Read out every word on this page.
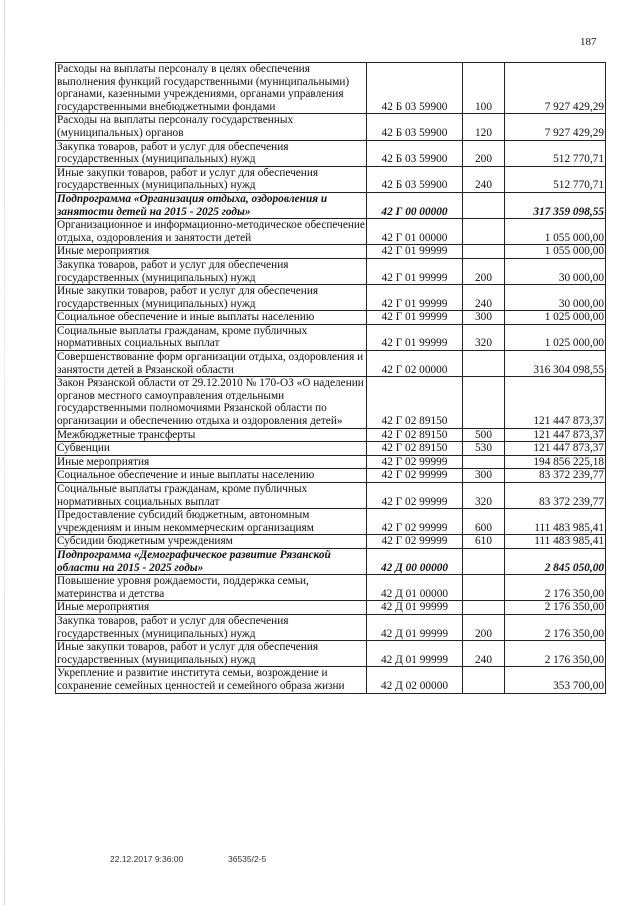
187
Расходы на выплаты персоналу в целях обеспечения выполнения функций государственными (муниципальными) органами, казенными учреждениями, органами управления государственными внебюджетными фондами	42 Б 03 59900	100	7 927 429,29
Расходы на выплаты персоналу государственных (муниципальных) органов	42 Б 03 59900	120	7 927 429,29
Закупка товаров, работ и услуг для обеспечения государственных (муниципальных) нужд	42 Б 03 59900	200	512 770,71
Иные закупки товаров, работ и услуг для обеспечения государственных (муниципальных) нужд	42 Б 03 59900	240	512 770,71
Подпрограмма «Организация отдыха, оздоровления и занятости детей на 2015 - 2025 годы»	42 Г 00 00000		317 359 098,55
Организационное и информационно-методическое обеспечение отдыха, оздоровления и занятости детей	42 Г 01 00000		1 055 000,00
Иные мероприятия	42 Г 01 99999		1 055 000,00
Закупка товаров, работ и услуг для обеспечения государственных (муниципальных) нужд	42 Г 01 99999	200	30 000,00
Иные закупки товаров, работ и услуг для обеспечения государственных (муниципальных) нужд	42 Г 01 99999	240	30 000,00
Социальное обеспечение и иные выплаты населению	42 Г 01 99999	300	1 025 000,00
Социальные выплаты гражданам, кроме публичных нормативных социальных выплат	42 Г 01 99999	320	1 025 000,00
Совершенствование форм организации отдыха, оздоровления и занятости детей в Рязанской области	42 Г 02 00000		316 304 098,55
Закон Рязанской области от 29.12.2010 № 170-ОЗ «О наделении органов местного самоуправления отдельными государственными полномочиями Рязанской области по организации и обеспечению отдыха и оздоровления детей»	42 Г 02 89150		121 447 873,37
Межбюджетные трансферты	42 Г 02 89150	500	121 447 873,37
Субвенции	42 Г 02 89150	530	121 447 873,37
Иные мероприятия	42 Г 02 99999		194 856 225,18
Социальное обеспечение и иные выплаты населению	42 Г 02 99999	300	83 372 239,77
Социальные выплаты гражданам, кроме публичных нормативных социальных выплат	42 Г 02 99999	320	83 372 239,77
Предоставление субсидий бюджетным, автономным учреждениям и иным некоммерческим организациям	42 Г 02 99999	600	111 483 985,41
Субсидии бюджетным учреждениям	42 Г 02 99999	610	111 483 985,41
Подпрограмма «Демографическое развитие Рязанской области на 2015 - 2025 годы»	42 Д 00 00000		2 845 050,00
Повышение уровня рождаемости, поддержка семьи, материнства и детства	42 Д 01 00000		2 176 350,00
Иные мероприятия	42 Д 01 99999		2 176 350,00
Закупка товаров, работ и услуг для обеспечения государственных (муниципальных) нужд	42 Д 01 99999	200	2 176 350,00
Иные закупки товаров, работ и услуг для обеспечения государственных (муниципальных) нужд	42 Д 01 99999	240	2 176 350,00
Укрепление и развитие института семьи, возрождение и сохранение семейных ценностей и семейного образа жизни	42 Д 02 00000		353 700,00
22.12.2017 9:36:00	36535/2-5
